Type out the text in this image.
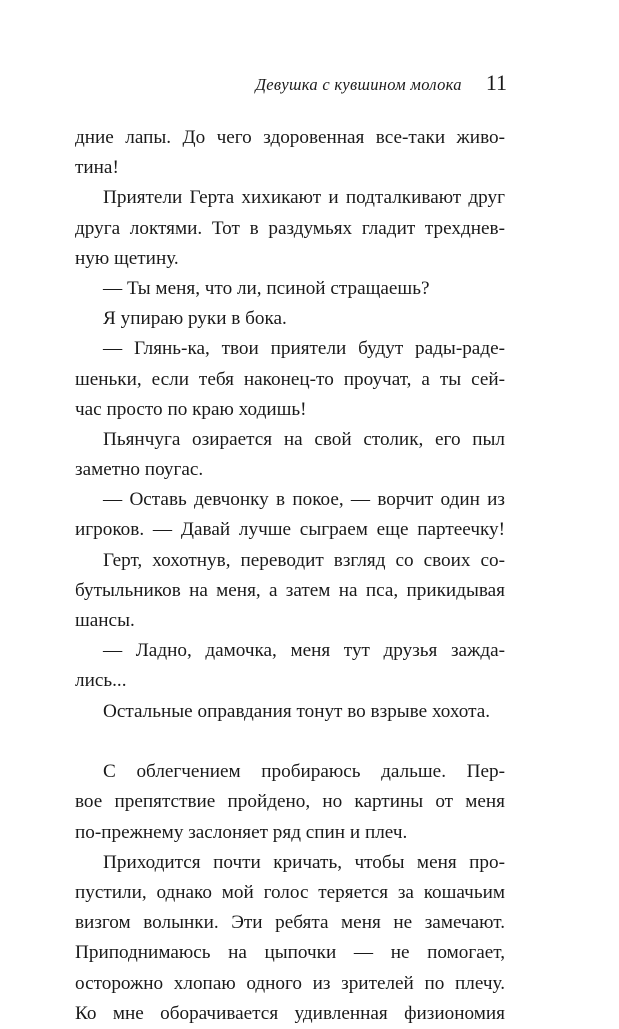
Девушка с кувшином молока 11
дние лапы. До чего здоровенная все-таки живо-
тина!
Приятели Герта хихикают и подталкивают друг
друга локтями. Тот в раздумьях гладит трехднев-
ную щетину.
— Ты меня, что ли, псиной стращаешь?
Я упираю руки в бока.
— Глянь-ка, твои приятели будут рады-раде-
шеньки, если тебя наконец-то проучат, а ты сей-
час просто по краю ходишь!
Пьянчуга озирается на свой столик, его пыл
заметно поугас.
— Оставь девчонку в покое, — ворчит один из
игроков. — Давай лучше сыграем еще партеечку!
Герт, хохотнув, переводит взгляд со своих со-
бутыльников на меня, а затем на пса, прикидывая
шансы.
— Ладно, дамочка, меня тут друзья зажда-
лись...
Остальные оправдания тонут во взрыве хохота.
С облегчением пробираюсь дальше. Пер-
вое препятствие пройдено, но картины от меня
по-прежнему заслоняет ряд спин и плеч.
Приходится почти кричать, чтобы меня про-
пустили, однако мой голос теряется за кошачьим
визгом волынки. Эти ребята меня не замечают.
Приподнимаюсь на цыпочки — не помогает,
осторожно хлопаю одного из зрителей по плечу.
Ко мне оборачивается удивленная физиономия
